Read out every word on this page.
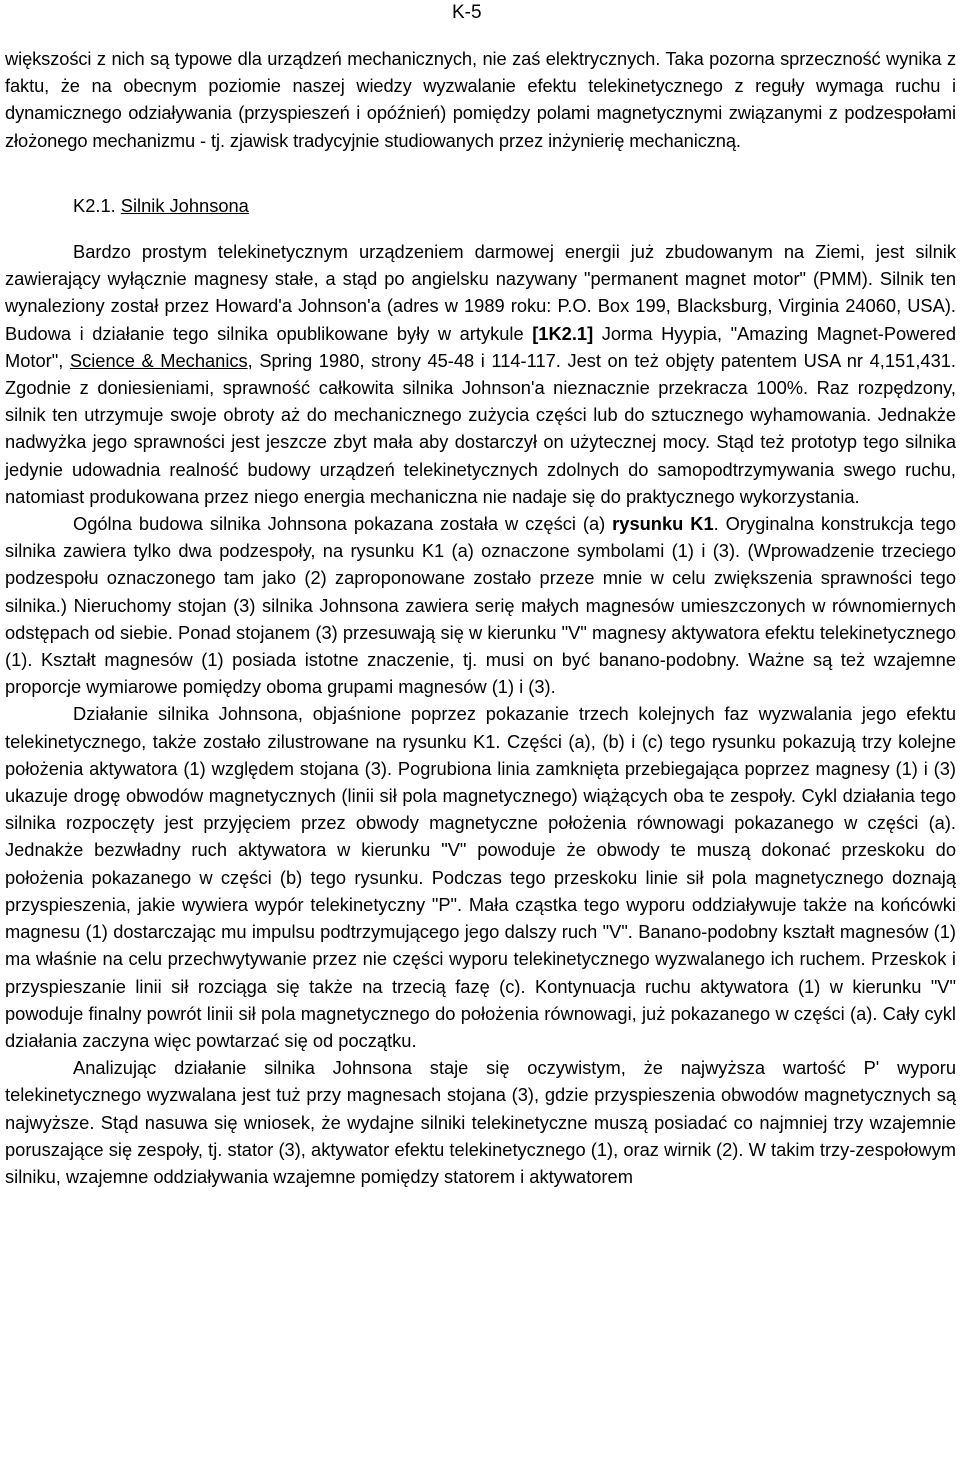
K-5

większości z nich są typowe dla urządzeń mechanicznych, nie zaś elektrycznych. Taka pozorna sprzeczność wynika z faktu, że na obecnym poziomie naszej wiedzy wyzwalanie efektu telekinetycznego z reguły wymaga ruchu i dynamicznego odziaływania (przyspieszeń i opóźnień) pomiędzy polami magnetycznymi związanymi z podzespołami złożonego mechanizmu - tj. zjawisk tradycyjnie studiowanych przez inżynierię mechaniczną.

K2.1. Silnik Johnsona

Bardzo prostym telekinetycznym urządzeniem darmowej energii już zbudowanym na Ziemi, jest silnik zawierający wyłącznie magnesy stałe, a stąd po angielsku nazywany "permanent magnet motor" (PMM). Silnik ten wynaleziony został przez Howard'a Johnson'a (adres w 1989 roku: P.O. Box 199, Blacksburg, Virginia 24060, USA). Budowa i działanie tego silnika opublikowane były w artykule [1K2.1] Jorma Hyypia, "Amazing Magnet-Powered Motor", Science & Mechanics, Spring 1980, strony 45-48 i 114-117. Jest on też objęty patentem USA nr 4,151,431. Zgodnie z doniesieniami, sprawność całkowita silnika Johnson'a nieznacznie przekracza 100%. Raz rozpędzony, silnik ten utrzymuje swoje obroty aż do mechanicznego zużycia części lub do sztucznego wyhamowania. Jednakże nadwyżka jego sprawności jest jeszcze zbyt mała aby dostarczył on użytecznej mocy. Stąd też prototyp tego silnika jedynie udowadnia realność budowy urządzeń telekinetycznych zdolnych do samopodtrzymywania swego ruchu, natomiast produkowana przez niego energia mechaniczna nie nadaje się do praktycznego wykorzystania.

Ogólna budowa silnika Johnsona pokazana została w części (a) rysunku K1. Oryginalna konstrukcja tego silnika zawiera tylko dwa podzespoły, na rysunku K1 (a) oznaczone symbolami (1) i (3). (Wprowadzenie trzeciego podzespołu oznaczonego tam jako (2) zaproponowane zostało przeze mnie w celu zwiększenia sprawności tego silnika.) Nieruchomy stojan (3) silnika Johnsona zawiera serię małych magnesów umieszczonych w równomiernych odstępach od siebie. Ponad stojanem (3) przesuwają się w kierunku "V" magnesy aktywatora efektu telekinetycznego (1). Kształt magnesów (1) posiada istotne znaczenie, tj. musi on być banano-podobny. Ważne są też wzajemne proporcje wymiarowe pomiędzy oboma grupami magnesów (1) i (3).

Działanie silnika Johnsona, objaśnione poprzez pokazanie trzech kolejnych faz wyzwalania jego efektu telekinetycznego, także zostało zilustrowane na rysunku K1. Części (a), (b) i (c) tego rysunku pokazują trzy kolejne położenia aktywatora (1) względem stojana (3). Pogrubiona linia zamknięta przebiegająca poprzez magnesy (1) i (3) ukazuje drogę obwodów magnetycznych (linii sił pola magnetycznego) wiążących oba te zespoły. Cykl działania tego silnika rozpoczęty jest przyjęciem przez obwody magnetyczne położenia równowagi pokazanego w części (a). Jednakże bezwładny ruch aktywatora w kierunku "V" powoduje że obwody te muszą dokonać przeskoku do położenia pokazanego w części (b) tego rysunku. Podczas tego przeskoku linie sił pola magnetycznego doznają przyspieszenia, jakie wywiera wypór telekinetyczny "P". Mała cząstka tego wyporu oddziaływuje także na końcówki magnesu (1) dostarczając mu impulsu podtrzymującego jego dalszy ruch "V". Banano-podobny kształt magnesów (1) ma właśnie na celu przechwytywanie przez nie części wyporu telekinetycznego wyzwalanego ich ruchem. Przeskok i przyspieszanie linii sił rozciąga się także na trzecią fazę (c). Kontynuacja ruchu aktywatora (1) w kierunku "V" powoduje finalny powrót linii sił pola magnetycznego do położenia równowagi, już pokazanego w części (a). Cały cykl działania zaczyna więc powtarzać się od początku.

Analizując działanie silnika Johnsona staje się oczywistym, że najwyższa wartość P' wyporu telekinetycznego wyzwalana jest tuż przy magnesach stojana (3), gdzie przyspieszenia obwodów magnetycznych są najwyższe. Stąd nasuwa się wniosek, że wydajne silniki telekinetyczne muszą posiadać co najmniej trzy wzajemnie poruszające się zespoły, tj. stator (3), aktywator efektu telekinetycznego (1), oraz wirnik (2). W takim trzy-zespołowym silniku, wzajemne oddziaływania wzajemne pomiędzy statorem i aktywatorem
